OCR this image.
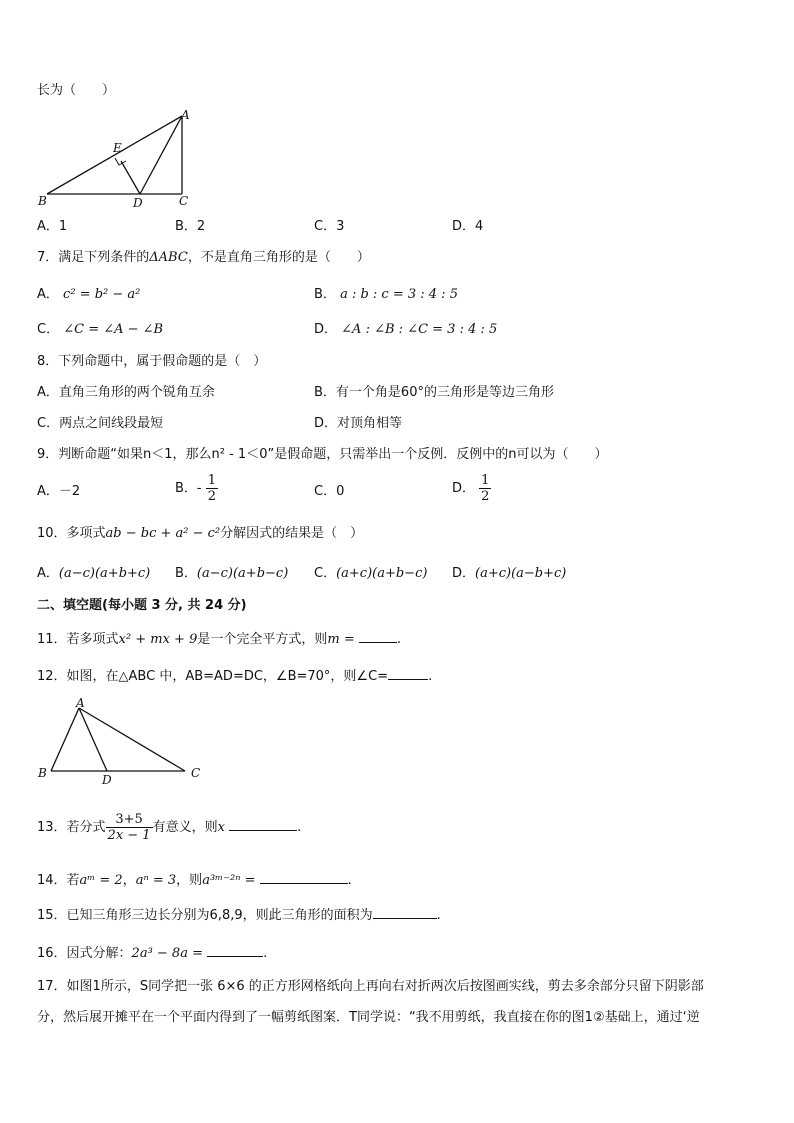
长为（　　）
A
E
B	D	C
A．1	B．2	C．3	D．4
7．满足下列条件的ΔABC，不是直角三角形的是（　　）
A． c² = b² − a²	B． a : b : c = 3 : 4 : 5
C． ∠C = ∠A − ∠B	D． ∠A : ∠B : ∠C = 3 : 4 : 5
8．下列命题中，属于假命题的是（　）
A．直角三角形的两个锐角互余	B．有一个角是60°的三角形是等边三角形
C．两点之间线段最短	D．对顶角相等
9．判断命题“如果n＜1，那么n² - 1＜0”是假命题，只需举出一个反例．反例中的n可以为（　　）
A．－2	B．- $\frac{1}{2}$	C．0	D． $\frac{1}{2}$
10．多项式ab − bc + a² − c²分解因式的结果是（　）
A．(a−c)(a+b+c) B．(a−c)(a+b−c) C．(a+c)(a+b−c) D．(a+c)(a−b+c)
二、填空题(每小题 3 分, 共 24 分)
11．若多项式x² + mx + 9是一个完全平方式，则m =	.
12．如图，在△ABC 中，AB=AD=DC，∠B=70°，则∠C=	.
A
B	D	C
13．若分式 $\frac{3+5}{2x - 1}$ 有意义，则x	.
14．若aᵐ = 2，aⁿ = 3，则a³ᵐ⁻²ⁿ =	.
15．已知三角形三边长分别为6,8,9，则此三角形的面积为	.
16．因式分解：2a³ − 8a =	.
17．如图1所示，S同学把一张 6×6 的正方形网格纸向上再向右对折两次后按图画实线，剪去多余部分只留下阴影部
分，然后展开摊平在一个平面内得到了一幅剪纸图案．T同学说：“我不用剪纸，我直接在你的图1②基础上，通过‘逆
